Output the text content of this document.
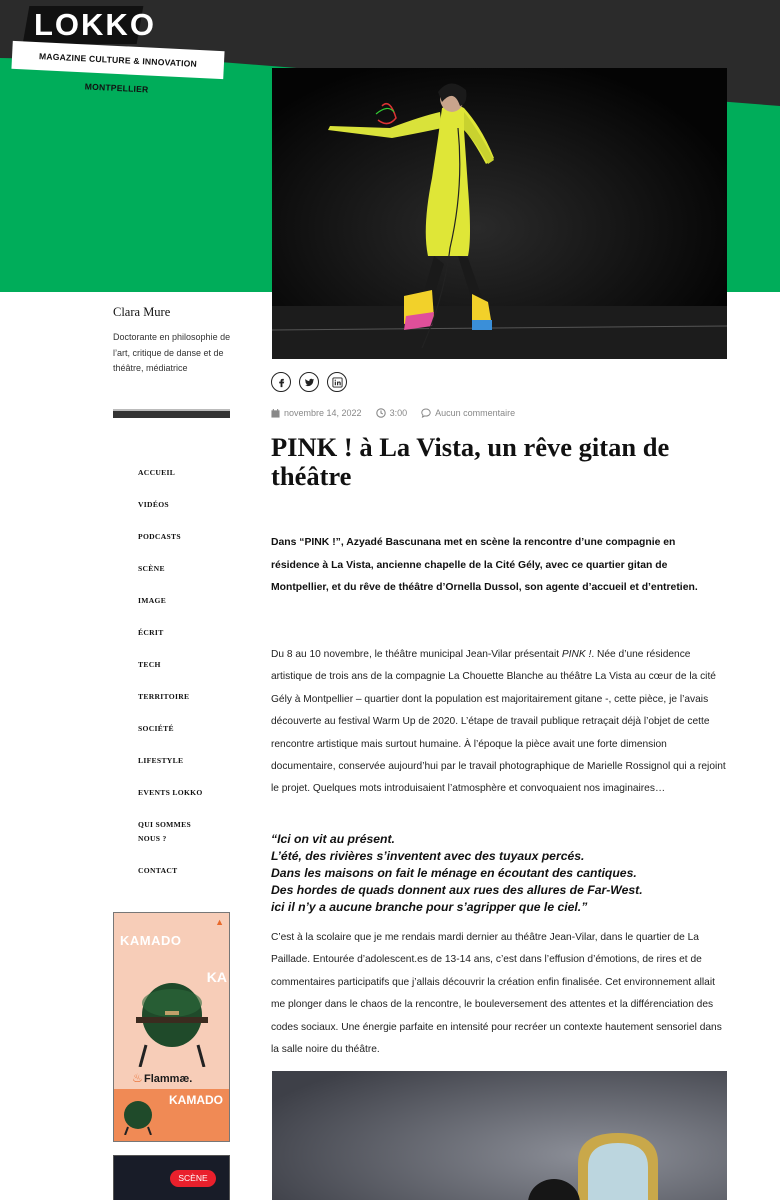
LOKKO
MAGAZINE CULTURE & INNOVATION MONTPELLIER
Clara Mure
Doctorante en philosophie de l’art, critique de danse et de théâtre, médiatrice
ACCUEIL
VIDÉOS
PODCASTS
SCÈNE
IMAGE
ÉCRIT
TECH
TERRITOIRE
SOCIÉTÉ
LIFESTYLE
EVENTS LOKKO
QUI SOMMES NOUS ?
CONTACT
KAMADO
KA
▲
♨ Flammæ.
KAMADO
SCÈNE
novembre 14, 2022	3:00	Aucun commentaire
PINK ! à La Vista, un rêve gitan de théâtre

Dans “PINK !”, Azyadé Bascunana met en scène la rencontre d’une compagnie en résidence à La Vista, ancienne chapelle de la Cité Gély, avec ce quartier gitan de Montpellier, et du rêve de théâtre d’Ornella Dussol, son agente d’accueil et d’entretien.

Du 8 au 10 novembre, le théâtre municipal Jean-Vilar présentait PINK !. Née d’une résidence artistique de trois ans de la compagnie La Chouette Blanche au théâtre La Vista au cœur de la cité Gély à Montpellier – quartier dont la population est majoritairement gitane -, cette pièce, je l’avais découverte au festival Warm Up de 2020. L’étape de travail publique retraçait déjà l’objet de cette rencontre artistique mais surtout humaine. À l’époque la pièce avait une forte dimension documentaire, conservée aujourd’hui par le travail photographique de Marielle Rossignol qui a rejoint le projet. Quelques mots introduisaient l’atmosphère et convoquaient nos imaginaires…

“Ici on vit au présent.
L’été, des rivières s’inventent avec des tuyaux percés.
Dans les maisons on fait le ménage en écoutant des cantiques.
Des hordes de quads donnent aux rues des allures de Far-West.
ici il n’y a aucune branche pour s’agripper que le ciel.”

C’est à la scolaire que je me rendais mardi dernier au théâtre Jean-Vilar, dans le quartier de La Paillade. Entourée d’adolescent.es de 13-14 ans, c’est dans l’effusion d’émotions, de rires et de commentaires participatifs que j’allais découvrir la création enfin finalisée. Cet environnement allait me plonger dans le chaos de la rencontre, le bouleversement des attentes et la différenciation des codes sociaux. Une énergie parfaite en intensité pour recréer un contexte hautement sensoriel dans la salle noire du théâtre.
